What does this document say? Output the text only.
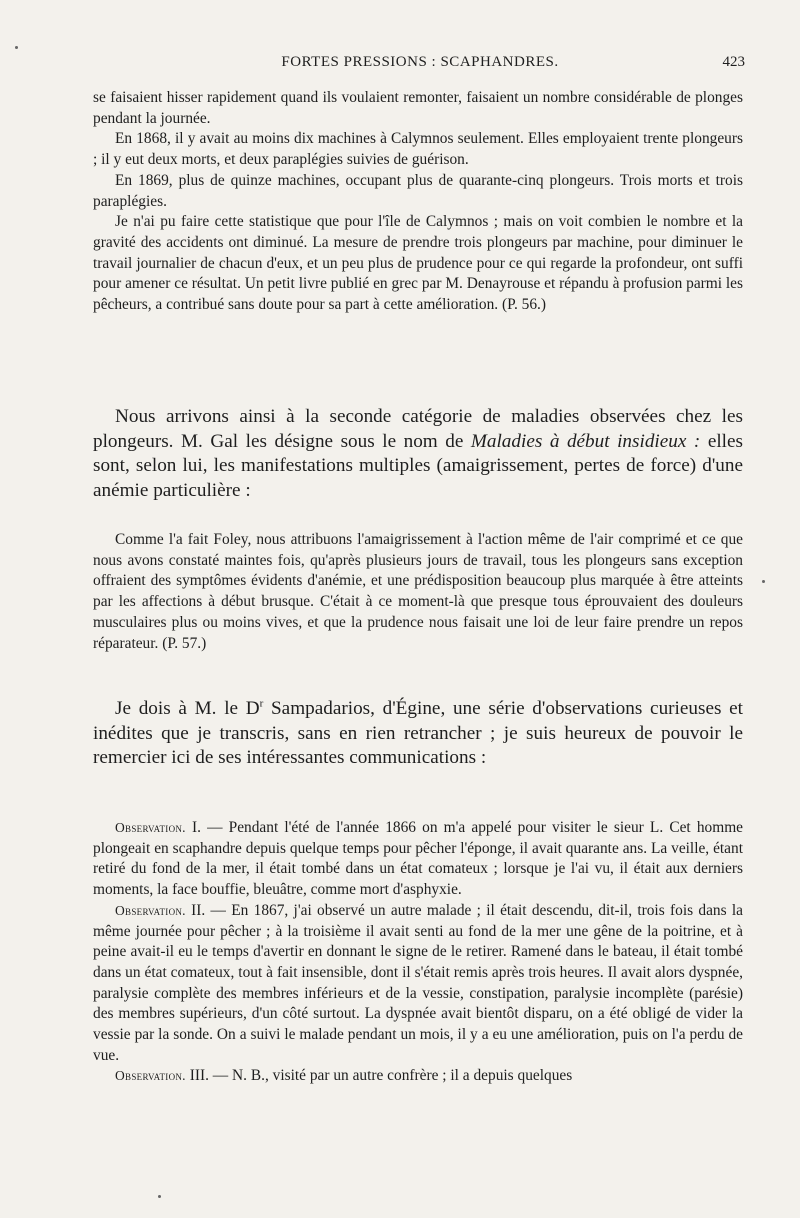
FORTES PRESSIONS : SCAPHANDRES.	423

se faisaient hisser rapidement quand ils voulaient remonter, faisaient un nombre considérable de plonges pendant la journée.

En 1868, il y avait au moins dix machines à Calymnos seulement. Elles employaient trente plongeurs ; il y eut deux morts, et deux paraplégies suivies de guérison.

En 1869, plus de quinze machines, occupant plus de quarante-cinq plongeurs. Trois morts et trois paraplégies.

Je n'ai pu faire cette statistique que pour l'île de Calymnos ; mais on voit combien le nombre et la gravité des accidents ont diminué. La mesure de prendre trois plongeurs par machine, pour diminuer le travail journalier de chacun d'eux, et un peu plus de prudence pour ce qui regarde la profondeur, ont suffi pour amener ce résultat. Un petit livre publié en grec par M. Denayrouse et répandu à profusion parmi les pêcheurs, a contribué sans doute pour sa part à cette amélioration. (P. 56.)

Nous arrivons ainsi à la seconde catégorie de maladies observées chez les plongeurs. M. Gal les désigne sous le nom de Maladies à début insidieux : elles sont, selon lui, les manifestations multiples (amaigrissement, pertes de force) d'une anémie particulière :

Comme l'a fait Foley, nous attribuons l'amaigrissement à l'action même de l'air comprimé et ce que nous avons constaté maintes fois, qu'après plusieurs jours de travail, tous les plongeurs sans exception offraient des symptômes évidents d'anémie, et une prédisposition beaucoup plus marquée à être atteints par les affections à début brusque. C'était à ce moment-là que presque tous éprouvaient des douleurs musculaires plus ou moins vives, et que la prudence nous faisait une loi de leur faire prendre un repos réparateur. (P. 57.)

Je dois à M. le $D^r$ Sampadarios, d'Égine, une série d'observations curieuses et inédites que je transcris, sans en rien retrancher ; je suis heureux de pouvoir le remercier ici de ses intéressantes communications :

Observation. I. — Pendant l'été de l'année 1866 on m'a appelé pour visiter le sieur L. Cet homme plongeait en scaphandre depuis quelque temps pour pêcher l'éponge, il avait quarante ans. La veille, étant retiré du fond de la mer, il était tombé dans un état comateux ; lorsque je l'ai vu, il était aux derniers moments, la face bouffie, bleuâtre, comme mort d'asphyxie.

Observation. II. — En 1867, j'ai observé un autre malade ; il était descendu, dit-il, trois fois dans la même journée pour pêcher ; à la troisième il avait senti au fond de la mer une gêne de la poitrine, et à peine avait-il eu le temps d'avertir en donnant le signe de le retirer. Ramené dans le bateau, il était tombé dans un état comateux, tout à fait insensible, dont il s'était remis après trois heures. Il avait alors dyspnée, paralysie complète des membres inférieurs et de la vessie, constipation, paralysie incomplète (parésie) des membres supérieurs, d'un côté surtout. La dyspnée avait bientôt disparu, on a été obligé de vider la vessie par la sonde. On a suivi le malade pendant un mois, il y a eu une amélioration, puis on l'a perdu de vue.

Observation. III. — N. B., visité par un autre confrère ; il a depuis quelques
